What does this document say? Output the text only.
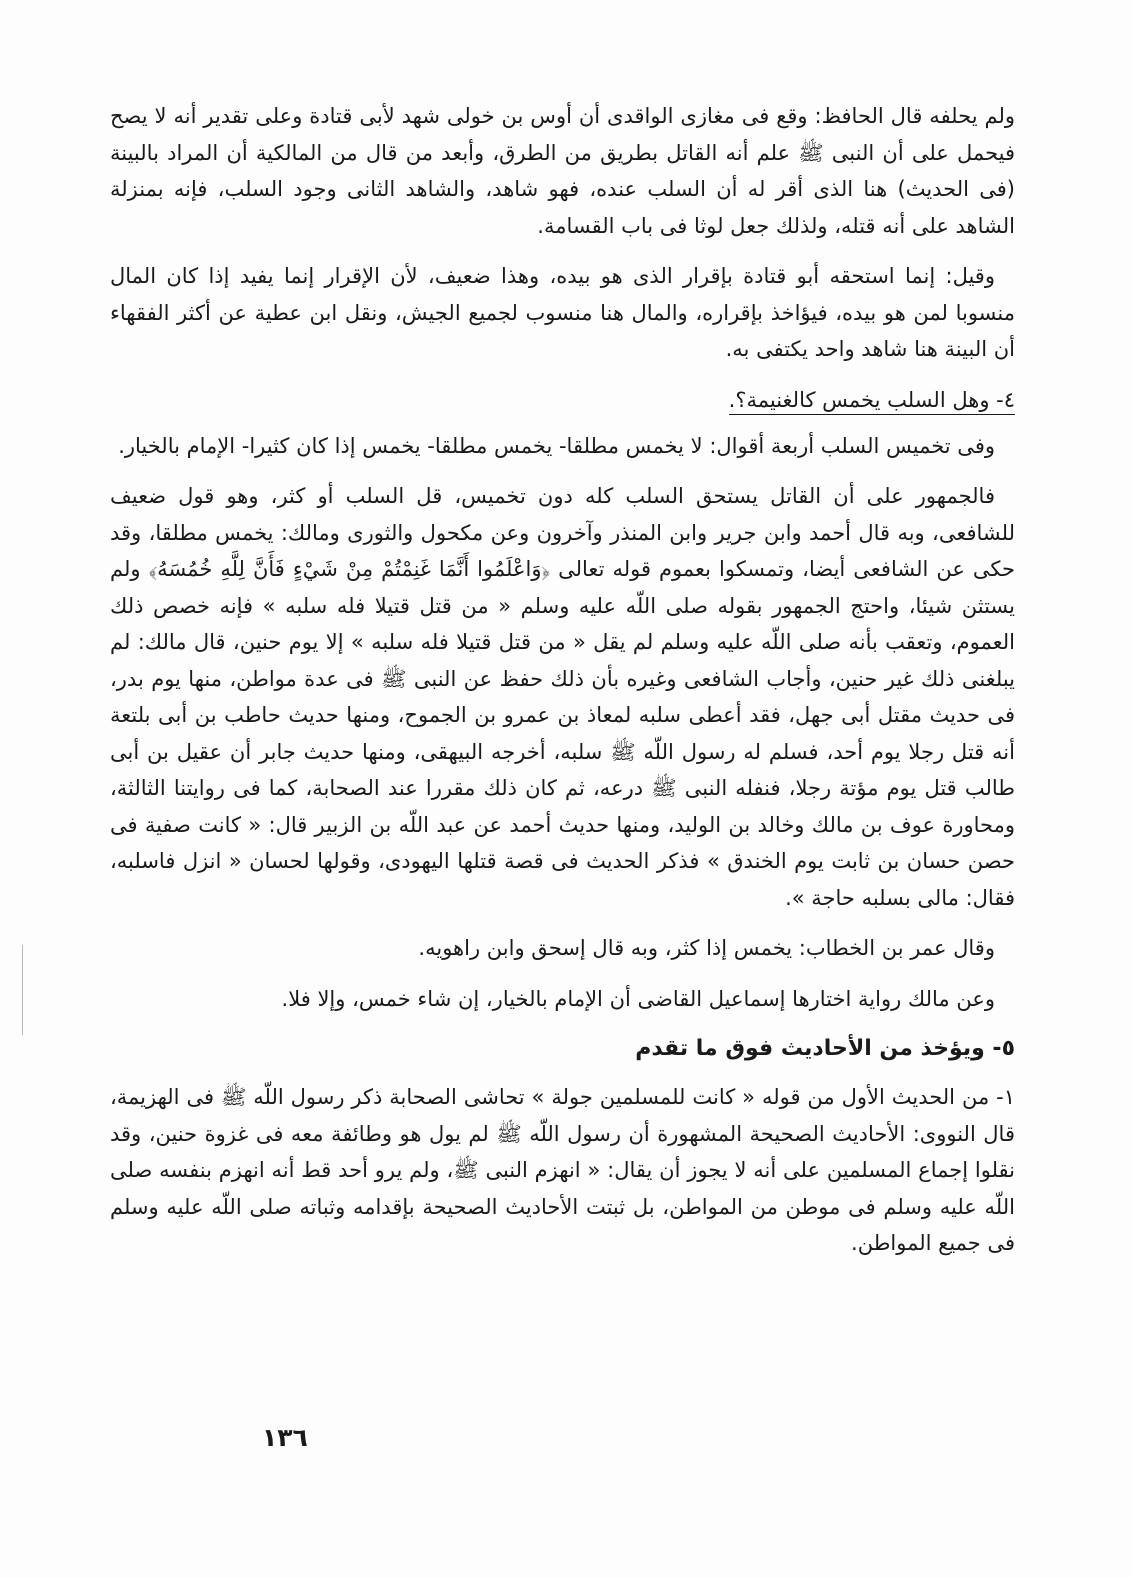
ولم يحلفه قال الحافظ: وقع فى مغازى الواقدى أن أوس بن خولى شهد لأبى قتادة وعلى تقدير أنه لا يصح فيحمل على أن النبى ﷺ علم أنه القاتل بطريق من الطرق، وأبعد من قال من المالكية أن المراد بالبينة (فى الحديث) هنا الذى أقر له أن السلب عنده، فهو شاهد، والشاهد الثانى وجود السلب، فإنه بمنزلة الشاهد على أنه قتله، ولذلك جعل لوثا فى باب القسامة.

وقيل: إنما استحقه أبو قتادة بإقرار الذى هو بيده، وهذا ضعيف، لأن الإقرار إنما يفيد إذا كان المال منسوبا لمن هو بيده، فيؤاخذ بإقراره، والمال هنا منسوب لجميع الجيش، ونقل ابن عطية عن أكثر الفقهاء أن البينة هنا شاهد واحد يكتفى به.

٤- وهل السلب يخمس كالغنيمة؟.

وفى تخميس السلب أربعة أقوال: لا يخمس مطلقا- يخمس مطلقا- يخمس إذا كان كثيرا- الإمام بالخيار.

فالجمهور على أن القاتل يستحق السلب كله دون تخميس، قل السلب أو كثر، وهو قول ضعيف للشافعى، وبه قال أحمد وابن جرير وابن المنذر وآخرون وعن مكحول والثورى ومالك: يخمس مطلقا، وقد حكى عن الشافعى أيضا، وتمسكوا بعموم قوله تعالى ﴿وَاعْلَمُوا أَنَّمَا غَنِمْتُمْ مِنْ شَيْءٍ فَأَنَّ لِلَّهِ خُمُسَهُ﴾ ولم يستثن شيئا، واحتج الجمهور بقوله صلى اللّه عليه وسلم « من قتل قتيلا فله سلبه » فإنه خصص ذلك العموم، وتعقب بأنه صلى اللّه عليه وسلم لم يقل « من قتل قتيلا فله سلبه » إلا يوم حنين، قال مالك: لم يبلغنى ذلك غير حنين، وأجاب الشافعى وغيره بأن ذلك حفظ عن النبى ﷺ فى عدة مواطن، منها يوم بدر، فى حديث مقتل أبى جهل، فقد أعطى سلبه لمعاذ بن عمرو بن الجموح، ومنها حديث حاطب بن أبى بلتعة أنه قتل رجلا يوم أحد، فسلم له رسول اللّه ﷺ سلبه، أخرجه البيهقى، ومنها حديث جابر أن عقيل بن أبى طالب قتل يوم مؤتة رجلا، فنفله النبى ﷺ درعه، ثم كان ذلك مقررا عند الصحابة، كما فى روايتنا الثالثة، ومحاورة عوف بن مالك وخالد بن الوليد، ومنها حديث أحمد عن عبد اللّه بن الزبير قال: « كانت صفية فى حصن حسان بن ثابت يوم الخندق » فذكر الحديث فى قصة قتلها اليهودى، وقولها لحسان « انزل فاسلبه، فقال: مالى بسلبه حاجة ».

وقال عمر بن الخطاب: يخمس إذا كثر، وبه قال إسحق وابن راهويه.

وعن مالك رواية اختارها إسماعيل القاضى أن الإمام بالخيار، إن شاء خمس، وإلا فلا.

٥- ويؤخذ من الأحاديث فوق ما تقدم

١- من الحديث الأول من قوله « كانت للمسلمين جولة » تحاشى الصحابة ذكر رسول اللّه ﷺ فى الهزيمة، قال النووى: الأحاديث الصحيحة المشهورة أن رسول اللّه ﷺ لم يول هو وطائفة معه فى غزوة حنين، وقد نقلوا إجماع المسلمين على أنه لا يجوز أن يقال: « انهزم النبى ﷺ، ولم يرو أحد قط أنه انهزم بنفسه صلى اللّه عليه وسلم فى موطن من المواطن، بل ثبتت الأحاديث الصحيحة بإقدامه وثباته صلى اللّه عليه وسلم فى جميع المواطن.

١٣٦
